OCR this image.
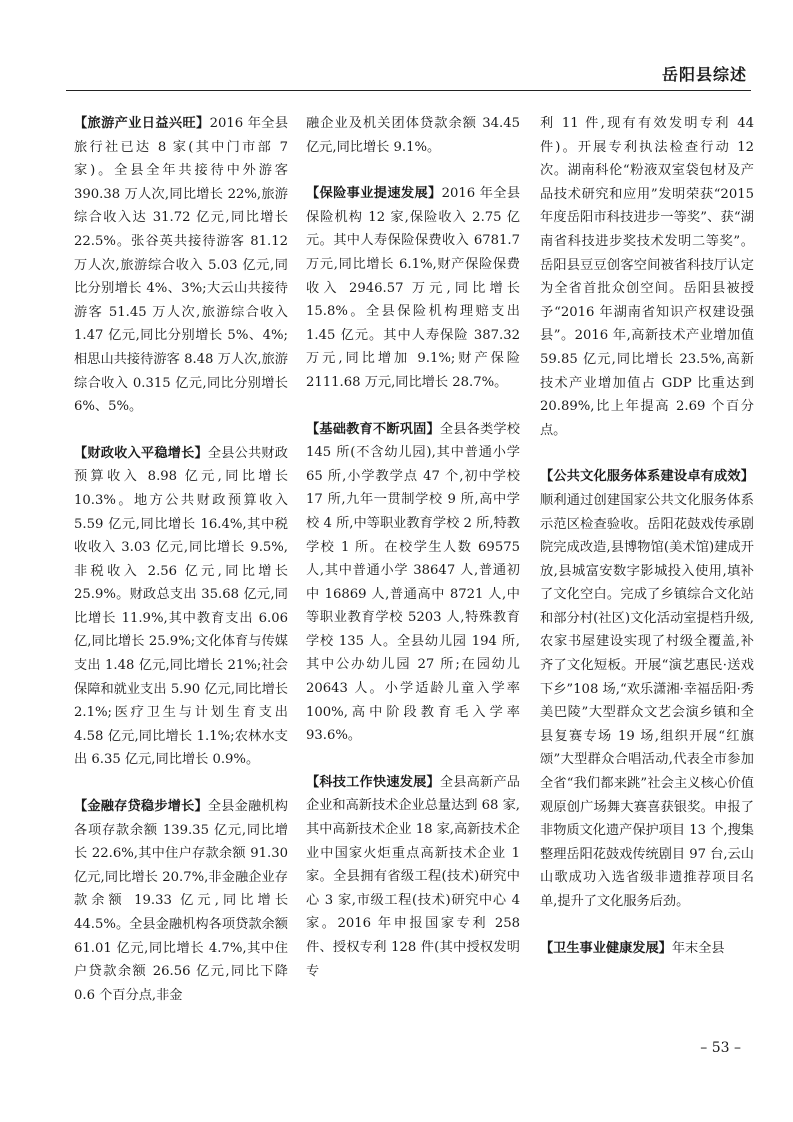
岳阳县综述

【旅游产业日益兴旺】2016 年全县旅行社已达 8 家(其中门市部 7 家)。全县全年共接待中外游客 390.38 万人次,同比增长 22%,旅游综合收入达 31.72 亿元,同比增长 22.5%。张谷英共接待游客 81.12 万人次,旅游综合收入 5.03 亿元,同比分别增长 4%、3%;大云山共接待游客 51.45 万人次,旅游综合收入 1.47 亿元,同比分别增长 5%、4%;相思山共接待游客 8.48 万人次,旅游综合收入 0.315 亿元,同比分别增长 6%、5%。

【财政收入平稳增长】全县公共财政预算收入 8.98 亿元,同比增长 10.3%。地方公共财政预算收入 5.59 亿元,同比增长 16.4%,其中税收收入 3.03 亿元,同比增长 9.5%,非税收入 2.56 亿元,同比增长 25.9%。财政总支出 35.68 亿元,同比增长 11.9%,其中教育支出 6.06 亿,同比增长 25.9%;文化体育与传媒支出 1.48 亿元,同比增长 21%;社会保障和就业支出 5.90 亿元,同比增长 2.1%;医疗卫生与计划生育支出 4.58 亿元,同比增长 1.1%;农林水支出 6.35 亿元,同比增长 0.9%。

【金融存贷稳步增长】全县金融机构各项存款余额 139.35 亿元,同比增长 22.6%,其中住户存款余额 91.30 亿元,同比增长 20.7%,非金融企业存款余额 19.33 亿元,同比增长 44.5%。全县金融机构各项贷款余额 61.01 亿元,同比增长 4.7%,其中住户贷款余额 26.56 亿元,同比下降 0.6 个百分点,非金

融企业及机关团体贷款余额 34.45 亿元,同比增长 9.1%。

【保险事业提速发展】2016 年全县保险机构 12 家,保险收入 2.75 亿元。其中人寿保险保费收入 6781.7 万元,同比增长 6.1%,财产保险保费收入 2946.57 万元,同比增长 15.8%。全县保险机构理赔支出 1.45 亿元。其中人寿保险 387.32 万元,同比增加 9.1%;财产保险 2111.68 万元,同比增长 28.7%。

【基础教育不断巩固】全县各类学校 145 所(不含幼儿园),其中普通小学 65 所,小学教学点 47 个,初中学校 17 所,九年一贯制学校 9 所,高中学校 4 所,中等职业教育学校 2 所,特教学校 1 所。在校学生人数 69575 人,其中普通小学 38647 人,普通初中 16869 人,普通高中 8721 人,中等职业教育学校 5203 人,特殊教育学校 135 人。全县幼儿园 194 所,其中公办幼儿园 27 所;在园幼儿 20643 人。小学适龄儿童入学率 100%,高中阶段教育毛入学率 93.6%。

【科技工作快速发展】全县高新产品企业和高新技术企业总量达到 68 家,其中高新技术企业 18 家,高新技术企业中国家火炬重点高新技术企业 1 家。全县拥有省级工程(技术)研究中心 3 家,市级工程(技术)研究中心 4 家。2016 年申报国家专利 258 件、授权专利 128 件(其中授权发明专

利 11 件,现有有效发明专利 44 件)。开展专利执法检查行动 12 次。湖南科伦“粉液双室袋包材及产品技术研究和应用”发明荣获“2015 年度岳阳市科技进步一等奖”、获“湖南省科技进步奖技术发明二等奖”。岳阳县豆豆创客空间被省科技厅认定为全省首批众创空间。岳阳县被授予“2016 年湖南省知识产权建设强县”。2016 年,高新技术产业增加值 59.85 亿元,同比增长 23.5%,高新技术产业增加值占 GDP 比重达到 20.89%,比上年提高 2.69 个百分点。

【公共文化服务体系建设卓有成效】顺利通过创建国家公共文化服务体系示范区检查验收。岳阳花鼓戏传承剧院完成改造,县博物馆(美术馆)建成开放,县城富安数字影城投入使用,填补了文化空白。完成了乡镇综合文化站和部分村(社区)文化活动室提档升级,农家书屋建设实现了村级全覆盖,补齐了文化短板。开展“演艺惠民·送戏下乡”108 场,“欢乐潇湘·幸福岳阳·秀美巴陵”大型群众文艺会演乡镇和全县复赛专场 19 场,组织开展“红旗颂”大型群众合唱活动,代表全市参加全省“我们都来跳”社会主义核心价值观原创广场舞大赛喜获银奖。申报了非物质文化遗产保护项目 13 个,搜集整理岳阳花鼓戏传统剧目 97 台,云山山歌成功入选省级非遗推荐项目名单,提升了文化服务后劲。

【卫生事业健康发展】年末全县

– 53 –
